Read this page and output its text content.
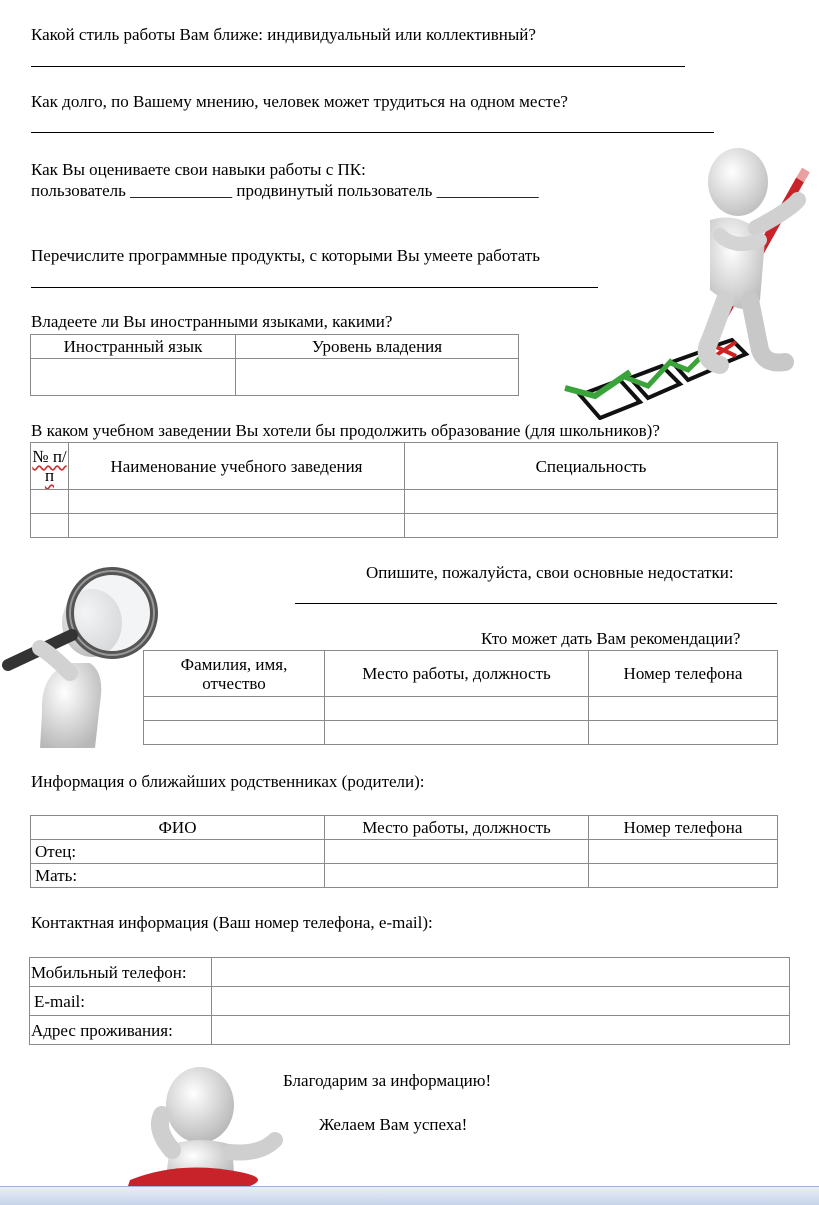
Какой стиль работы Вам ближе: индивидуальный или коллективный?
Как долго, по Вашему мнению, человек может трудиться на одном месте?
Как Вы оцениваете свои навыки работы с ПК:
пользователь ____________ продвинутый пользователь ____________
Перечислите программные продукты, с которыми Вы умеете работать
Владеете ли Вы иностранными языками, какими?
Иностранный язык	Уровень владения

В каком учебном заведении Вы хотели бы продолжить образование (для школьников)?
№ п/п	Наименование учебного заведения	Специальность

Опишите, пожалуйста, свои основные недостатки:
Кто может дать Вам рекомендации?
Фамилия, имя, отчество	Место работы, должность	Номер телефона

Информация о ближайших родственниках (родители):
ФИО	Место работы, должность	Номер телефона
Отец:		
Мать:		
Контактная информация (Ваш номер телефона, e-mail):
Мобильный телефон:	
E-mail:	
Адрес проживания:	
Благодарим за информацию!
Желаем Вам успеха!
